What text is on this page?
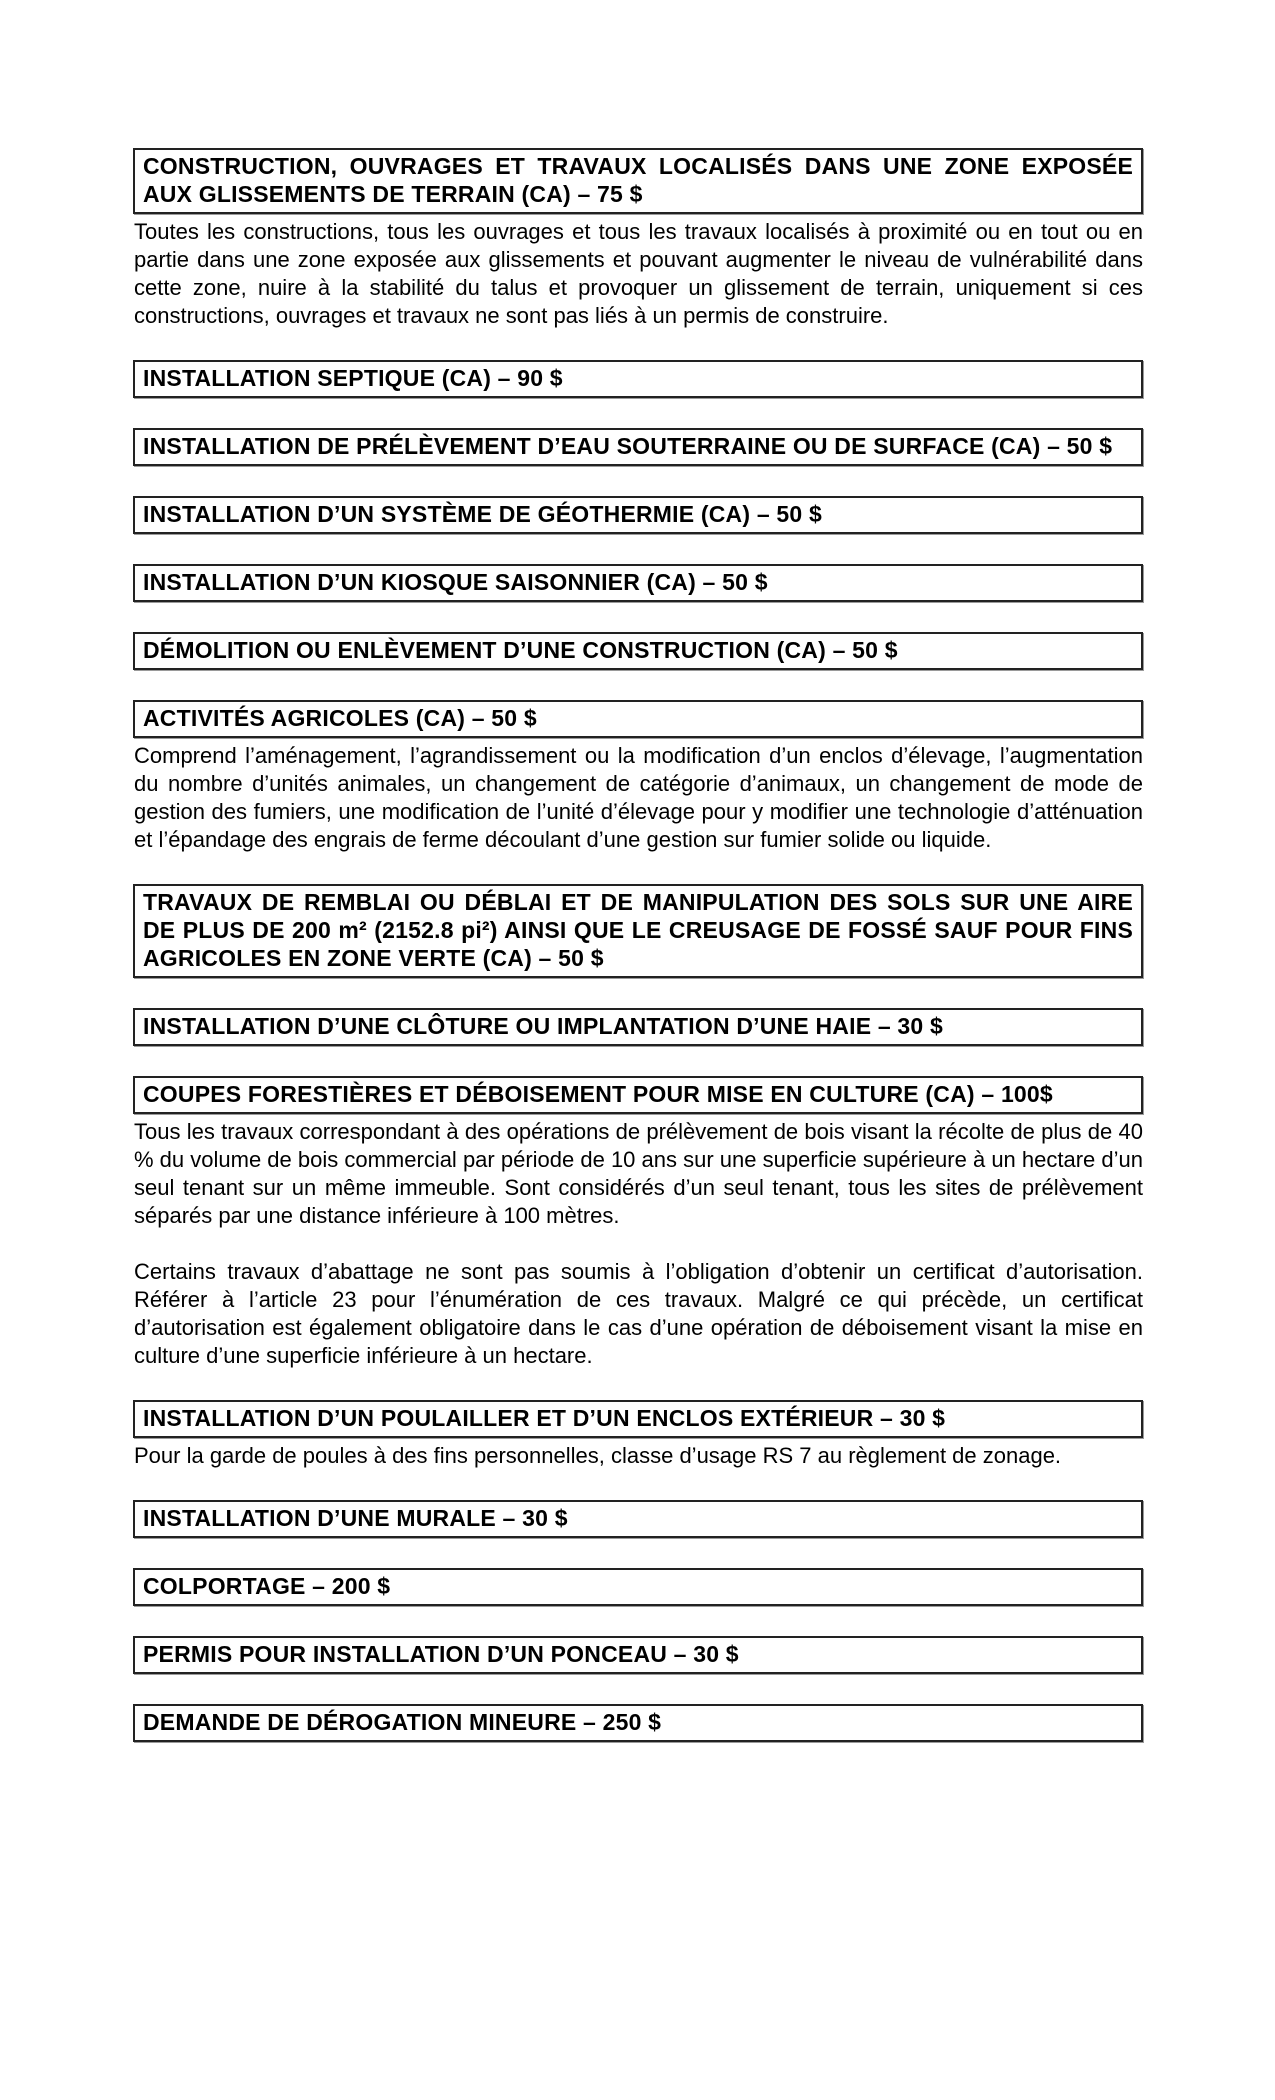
CONSTRUCTION, OUVRAGES ET TRAVAUX LOCALISÉS DANS UNE ZONE EXPOSÉE AUX GLISSEMENTS DE TERRAIN (CA) – 75 $

Toutes les constructions, tous les ouvrages et tous les travaux localisés à proximité ou en tout ou en partie dans une zone exposée aux glissements et pouvant augmenter le niveau de vulnérabilité dans cette zone, nuire à la stabilité du talus et provoquer un glissement de terrain, uniquement si ces constructions, ouvrages et travaux ne sont pas liés à un permis de construire.

INSTALLATION SEPTIQUE (CA) – 90 $
INSTALLATION DE PRÉLÈVEMENT D’EAU SOUTERRAINE OU DE SURFACE (CA) – 50 $
INSTALLATION D’UN SYSTÈME DE GÉOTHERMIE (CA) – 50 $
INSTALLATION D’UN KIOSQUE SAISONNIER (CA) – 50 $
DÉMOLITION OU ENLÈVEMENT D’UNE CONSTRUCTION (CA) – 50 $
ACTIVITÉS AGRICOLES (CA) – 50 $

Comprend l’aménagement, l’agrandissement ou la modification d’un enclos d’élevage, l’augmentation du nombre d’unités animales, un changement de catégorie d’animaux, un changement de mode de gestion des fumiers, une modification de l’unité d’élevage pour y modifier une technologie d’atténuation et l’épandage des engrais de ferme découlant d’une gestion sur fumier solide ou liquide.

TRAVAUX DE REMBLAI OU DÉBLAI ET DE MANIPULATION DES SOLS SUR UNE AIRE DE PLUS DE 200 m² (2152.8 pi²) AINSI QUE LE CREUSAGE DE FOSSÉ SAUF POUR FINS AGRICOLES EN ZONE VERTE (CA) – 50 $
INSTALLATION D’UNE CLÔTURE OU IMPLANTATION D’UNE HAIE – 30 $
COUPES FORESTIÈRES ET DÉBOISEMENT POUR MISE EN CULTURE (CA) – 100$

Tous les travaux correspondant à des opérations de prélèvement de bois visant la récolte de plus de 40 % du volume de bois commercial par période de 10 ans sur une superficie supérieure à un hectare d’un seul tenant sur un même immeuble. Sont considérés d’un seul tenant, tous les sites de prélèvement séparés par une distance inférieure à 100 mètres.

Certains travaux d’abattage ne sont pas soumis à l’obligation d’obtenir un certificat d’autorisation. Référer à l’article 23 pour l’énumération de ces travaux. Malgré ce qui précède, un certificat d’autorisation est également obligatoire dans le cas d’une opération de déboisement visant la mise en culture d’une superficie inférieure à un hectare.

INSTALLATION D’UN POULAILLER ET D’UN ENCLOS EXTÉRIEUR – 30 $

Pour la garde de poules à des fins personnelles, classe d’usage RS 7 au règlement de zonage.

INSTALLATION D’UNE MURALE – 30 $
COLPORTAGE – 200 $
PERMIS POUR INSTALLATION D’UN PONCEAU – 30 $
DEMANDE DE DÉROGATION MINEURE – 250 $
